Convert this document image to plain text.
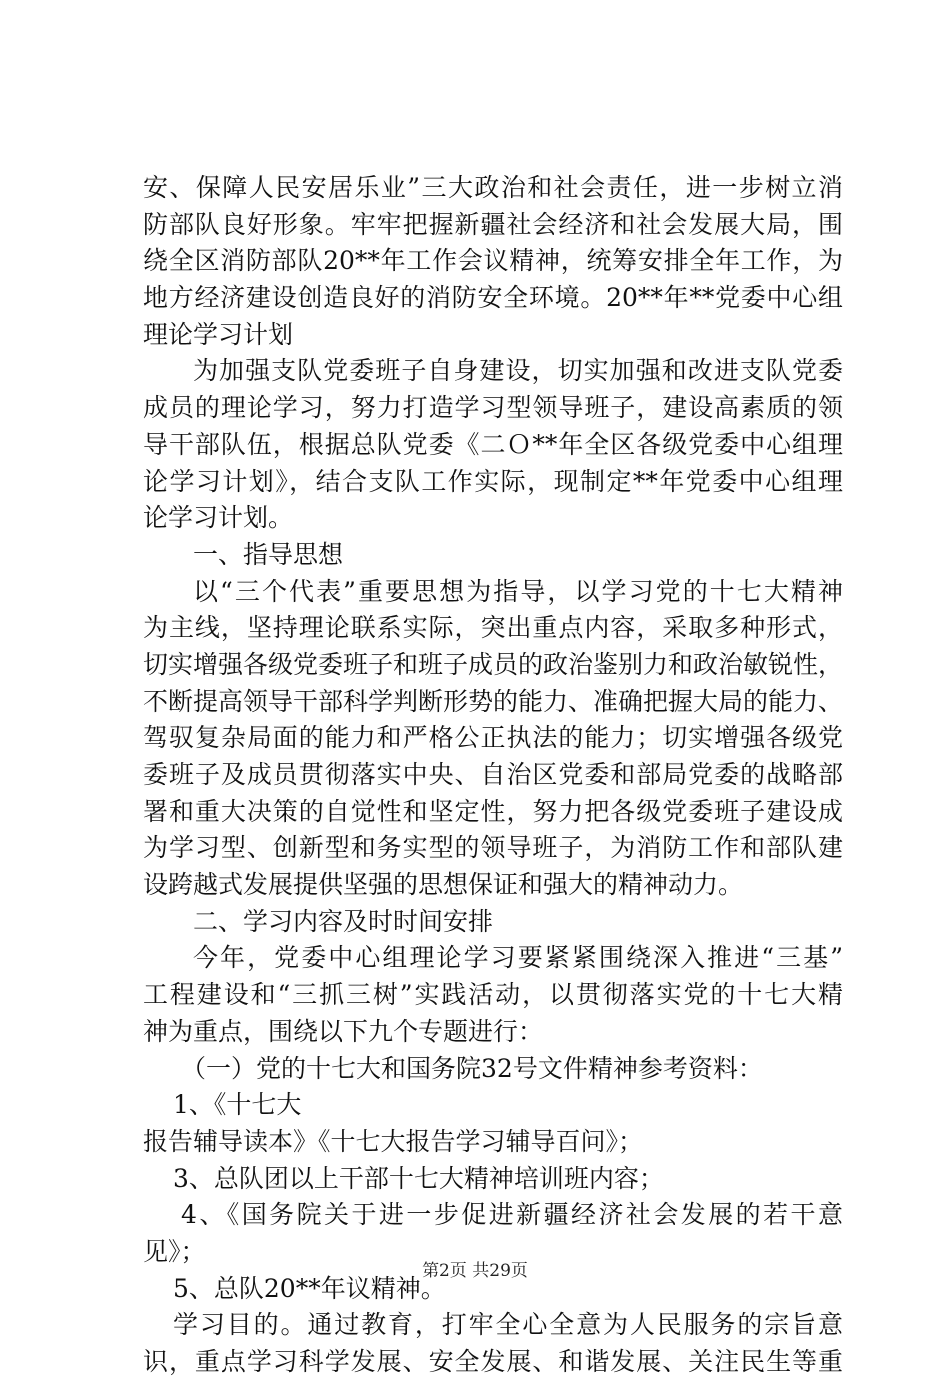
安、保障人民安居乐业”三大政治和社会责任，进一步树立消
防部队良好形象。牢牢把握新疆社会经济和社会发展大局，围
绕全区消防部队20**年工作会议精神，统筹安排全年工作，为
地方经济建设创造良好的消防安全环境。20**年**党委中心组
理论学习计划
为加强支队党委班子自身建设，切实加强和改进支队党委
成员的理论学习，努力打造学习型领导班子，建设高素质的领
导干部队伍，根据总队党委《二Ｏ**年全区各级党委中心组理
论学习计划》，结合支队工作实际，现制定**年党委中心组理
论学习计划。
一、指导思想
以“三个代表”重要思想为指导，以学习党的十七大精神
为主线，坚持理论联系实际，突出重点内容，采取多种形式，
切实增强各级党委班子和班子成员的政治鉴别力和政治敏锐性，
不断提高领导干部科学判断形势的能力、准确把握大局的能力、
驾驭复杂局面的能力和严格公正执法的能力；切实增强各级党
委班子及成员贯彻落实中央、自治区党委和部局党委的战略部
署和重大决策的自觉性和坚定性，努力把各级党委班子建设成
为学习型、创新型和务实型的领导班子，为消防工作和部队建
设跨越式发展提供坚强的思想保证和强大的精神动力。
二、学习内容及时时间安排
今年，党委中心组理论学习要紧紧围绕深入推进“三基”
工程建设和“三抓三树”实践活动，以贯彻落实党的十七大精
神为重点，围绕以下九个专题进行：
（一）党的十七大和国务院32号文件精神参考资料：
1、《十七大
报告辅导读本》《十七大报告学习辅导百问》；
3、总队团以上干部十七大精神培训班内容；
4、《国务院关于进一步促进新疆经济社会发展的若干意
见》；
5、总队20**年议精神。
学习目的。通过教育，打牢全心全意为人民服务的宗旨意
识，重点学习科学发展、安全发展、和谐发展、关注民生等重
第2页 共29页
